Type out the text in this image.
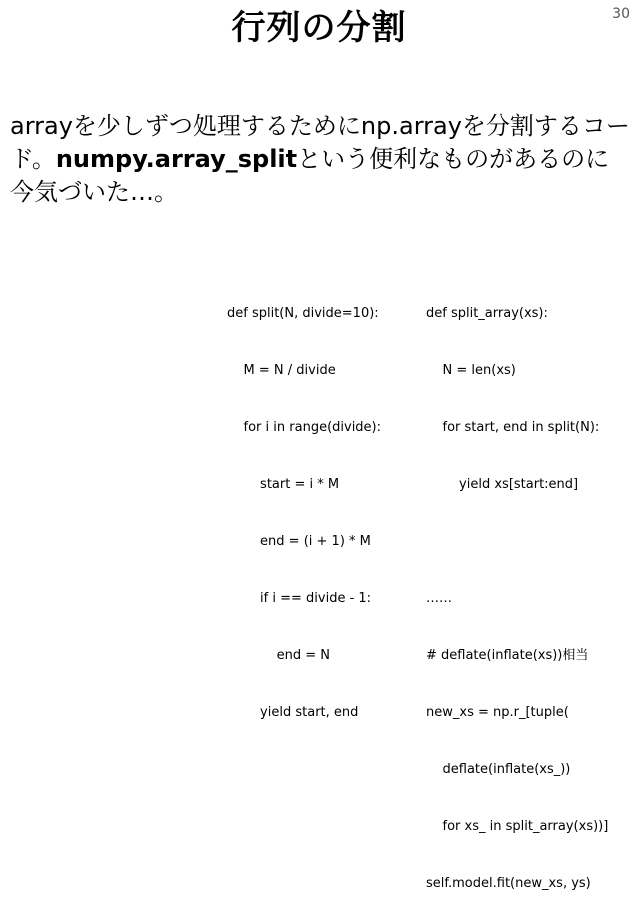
行列の分割	30
arrayを少しずつ処理するためにnp.arrayを分割するコード。numpy.array_splitという便利なものがあるのに今気づいた…。

def split(N, divide=10):

M = N / divide

for i in range(divide):

start = i * M

end = (i + 1) * M

if i == divide - 1:

end = N

yield start, end

def split_array(xs):

N = len(xs)

for start, end in split(N):

yield xs[start:end]

……

# deflate(inflate(xs))相当

new_xs = np.r_[tuple(

deflate(inflate(xs_))

for xs_ in split_array(xs))]

self.model.fit(new_xs, ys)
